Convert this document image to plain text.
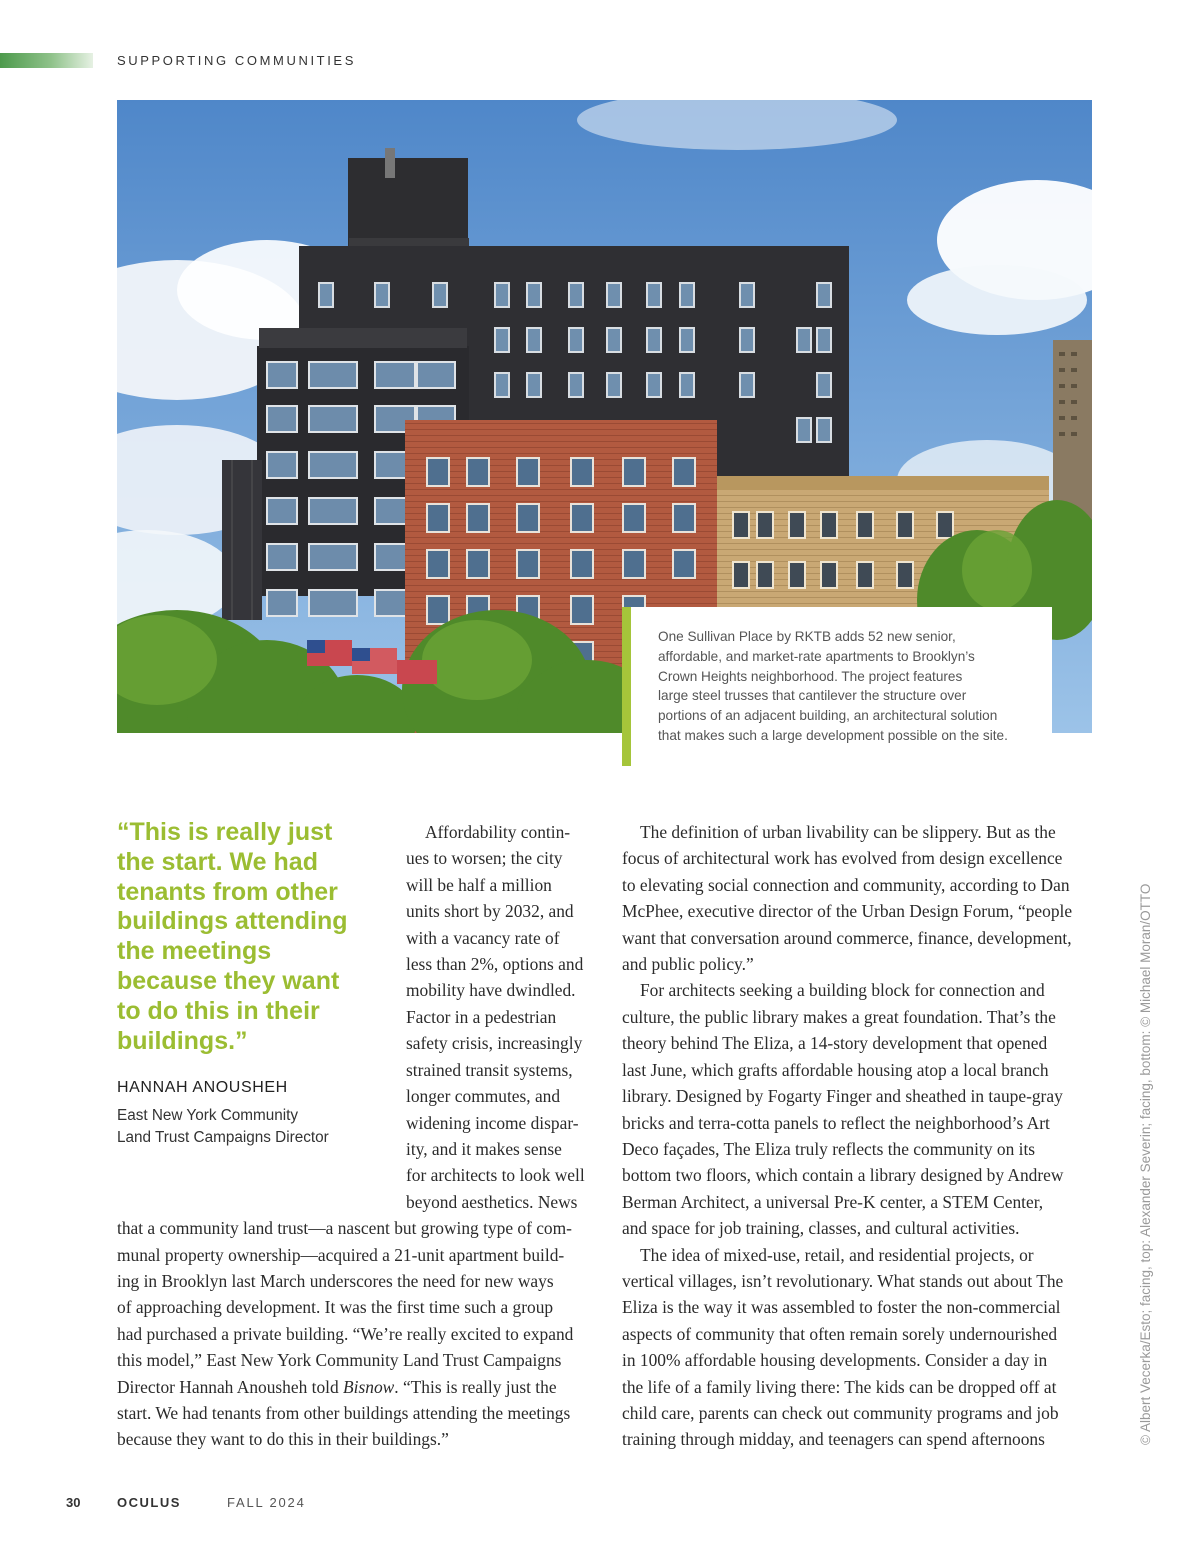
SUPPORTING COMMUNITIES
One Sullivan Place by RKTB adds 52 new senior,
affordable, and market-rate apartments to Brooklyn’s
Crown Heights neighborhood. The project features
large steel trusses that cantilever the structure over
portions of an adjacent building, an architectural solution
that makes such a large development possible on the site.
“This is really just
the start. We had
tenants from other
buildings attending
the meetings
because they want
to do this in their
buildings.”
HANNAH ANOUSHEH
East New York Community
Land Trust Campaigns Director
Affordability contin-
ues to worsen; the city
will be half a million
units short by 2032, and
with a vacancy rate of
less than 2%, options and
mobility have dwindled.
Factor in a pedestrian
safety crisis, increasingly
strained transit systems,
longer commutes, and
widening income dispar-
ity, and it makes sense
for architects to look well
beyond aesthetics. News
that a community land trust—a nascent but growing type of com-
munal property ownership—acquired a 21-unit apartment build-
ing in Brooklyn last March underscores the need for new ways
of approaching development. It was the first time such a group
had purchased a private building. “We’re really excited to expand
this model,” East New York Community Land Trust Campaigns
Director Hannah Anousheh told Bisnow. “This is really just the
start. We had tenants from other buildings attending the meetings
because they want to do this in their buildings.”
The definition of urban livability can be slippery. But as the
focus of architectural work has evolved from design excellence
to elevating social connection and community, according to Dan
McPhee, executive director of the Urban Design Forum, “people
want that conversation around commerce, finance, development,
and public policy.”
For architects seeking a building block for connection and
culture, the public library makes a great foundation. That’s the
theory behind The Eliza, a 14-story development that opened
last June, which grafts affordable housing atop a local branch
library. Designed by Fogarty Finger and sheathed in taupe-gray
bricks and terra-cotta panels to reflect the neighborhood’s Art
Deco façades, The Eliza truly reflects the community on its
bottom two floors, which contain a library designed by Andrew
Berman Architect, a universal Pre-K center, a STEM Center,
and space for job training, classes, and cultural activities.
The idea of mixed-use, retail, and residential projects, or
vertical villages, isn’t revolutionary. What stands out about The
Eliza is the way it was assembled to foster the non-commercial
aspects of community that often remain sorely undernourished
in 100% affordable housing developments. Consider a day in
the life of a family living there: The kids can be dropped off at
child care, parents can check out community programs and job
training through midday, and teenagers can spend afternoons	© Albert Vecerka/Esto; facing, top: Alexander Severin; facing, bottom: © Michael Moran/OTTO
30	OCULUS	FALL 2024
